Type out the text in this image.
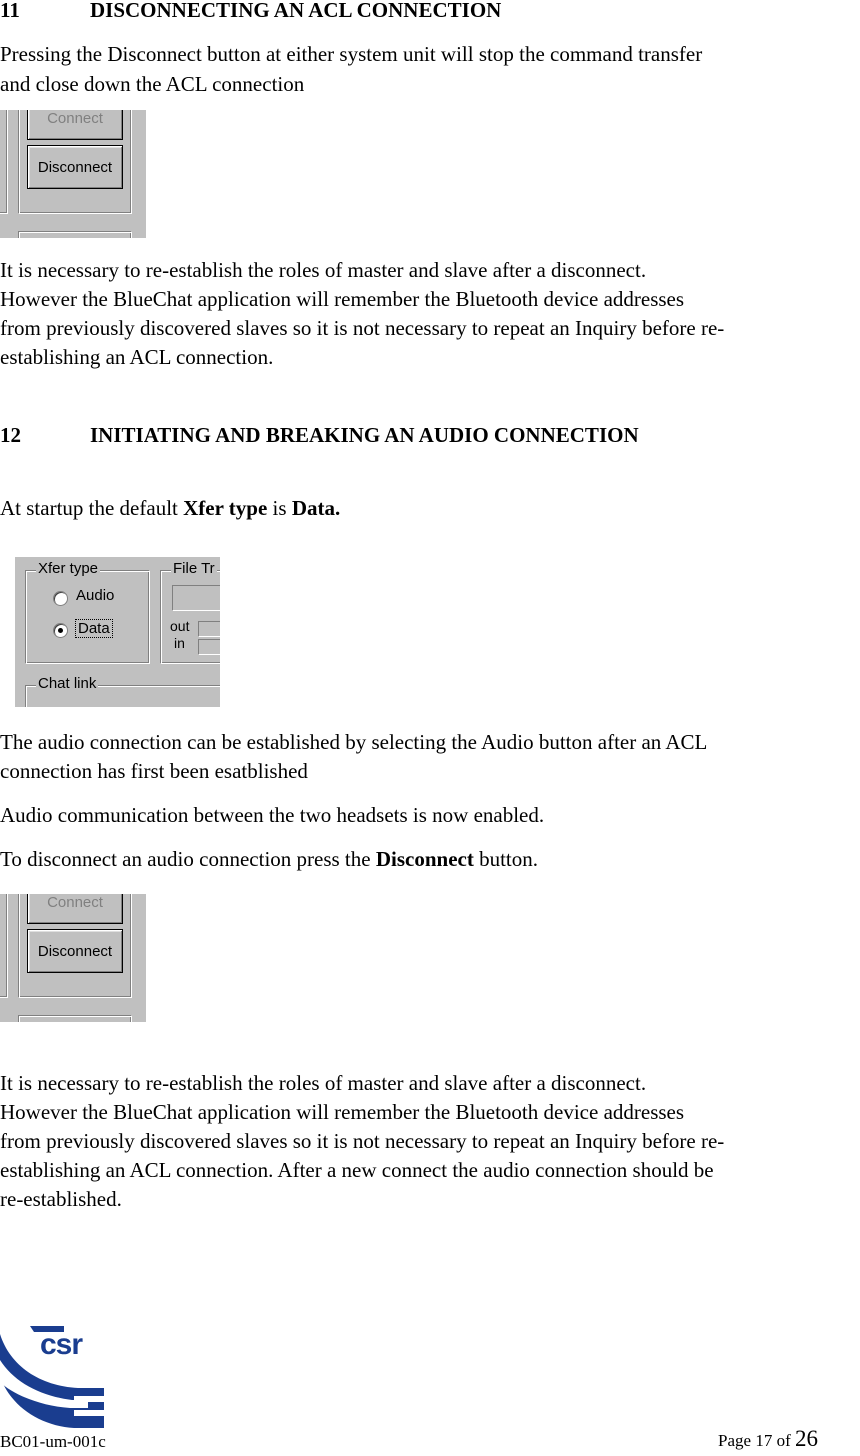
11	DISCONNECTING AN ACL CONNECTION
Pressing the Disconnect button at either system unit will stop the command transfer
and close down the ACL connection
Connect
Disconnect
It is necessary to re-establish the roles of master and slave after a disconnect.
However the BlueChat application will remember the Bluetooth device addresses
from previously discovered slaves so it is not necessary to repeat an Inquiry before re-
establishing an ACL connection.
12	INITIATING AND BREAKING AN AUDIO CONNECTION
At startup the default Xfer type is Data.
Xfer type
Audio
Data
File Tr
out
in
Chat link
The audio connection can be established by selecting the Audio button after an ACL
connection has first been esatblished
Audio communication between the two headsets is now enabled.
To disconnect an audio connection press the Disconnect button.
Connect
Disconnect
It is necessary to re-establish the roles of master and slave after a disconnect.
However the BlueChat application will remember the Bluetooth device addresses
from previously discovered slaves so it is not necessary to repeat an Inquiry before re-
establishing an ACL connection. After a new connect the audio connection should be
re-established.
csr
BC01-um-001c	Page 17 of 26
